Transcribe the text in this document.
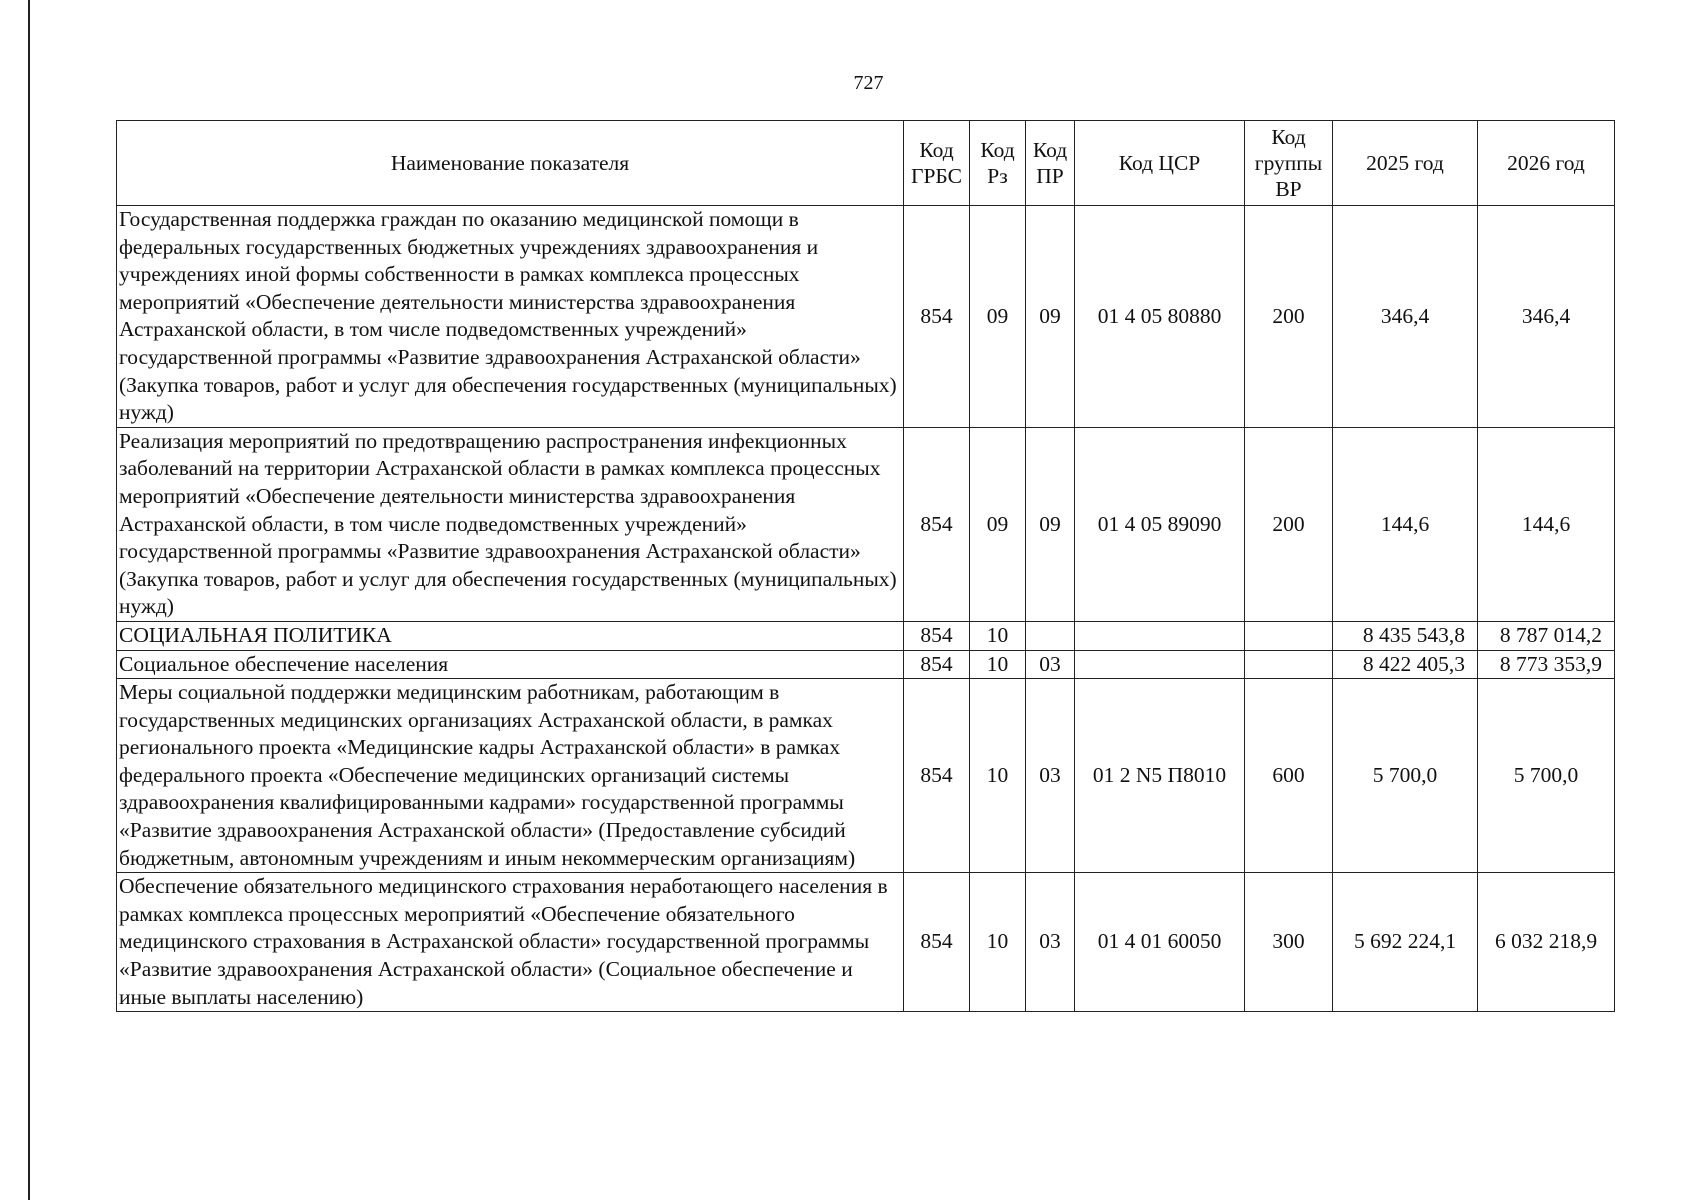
727
Наименование показателя	Код ГРБС	Код Рз	Код ПР	Код ЦСР	Код группы ВР	2025 год	2026 год
Государственная поддержка граждан по оказанию медицинской помощи в федеральных государственных бюджетных учреждениях здравоохранения и учреждениях иной формы собственности в рамках комплекса процессных мероприятий «Обеспечение деятельности министерства здравоохранения Астраханской области, в том числе подведомственных учреждений» государственной программы «Развитие здравоохранения Астраханской области» (Закупка товаров, работ и услуг для обеспечения государственных (муниципальных) нужд)	854	09	09	01 4 05 80880	200	346,4	346,4
Реализация мероприятий по предотвращению распространения инфекционных заболеваний на территории Астраханской области в рамках комплекса процессных мероприятий «Обеспечение деятельности министерства здравоохранения Астраханской области, в том числе подведомственных учреждений» государственной программы «Развитие здравоохранения Астраханской области» (Закупка товаров, работ и услуг для обеспечения государственных (муниципальных) нужд)	854	09	09	01 4 05 89090	200	144,6	144,6
СОЦИАЛЬНАЯ ПОЛИТИКА	854	10				8 435 543,8	8 787 014,2
Социальное обеспечение населения	854	10	03			8 422 405,3	8 773 353,9
Меры социальной поддержки медицинским работникам, работающим в государственных медицинских организациях Астраханской области, в рамках регионального проекта «Медицинские кадры Астраханской области» в рамках федерального проекта «Обеспечение медицинских организаций системы здравоохранения квалифицированными кадрами» государственной программы «Развитие здравоохранения Астраханской области» (Предоставление субсидий бюджетным, автономным учреждениям и иным некоммерческим организациям)	854	10	03	01 2 N5 П8010	600	5 700,0	5 700,0
Обеспечение обязательного медицинского страхования неработающего населения в рамках комплекса процессных мероприятий «Обеспечение обязательного медицинского страхования в Астраханской области» государственной программы «Развитие здравоохранения Астраханской области» (Социальное обеспечение и иные выплаты населению)	854	10	03	01 4 01 60050	300	5 692 224,1	6 032 218,9
